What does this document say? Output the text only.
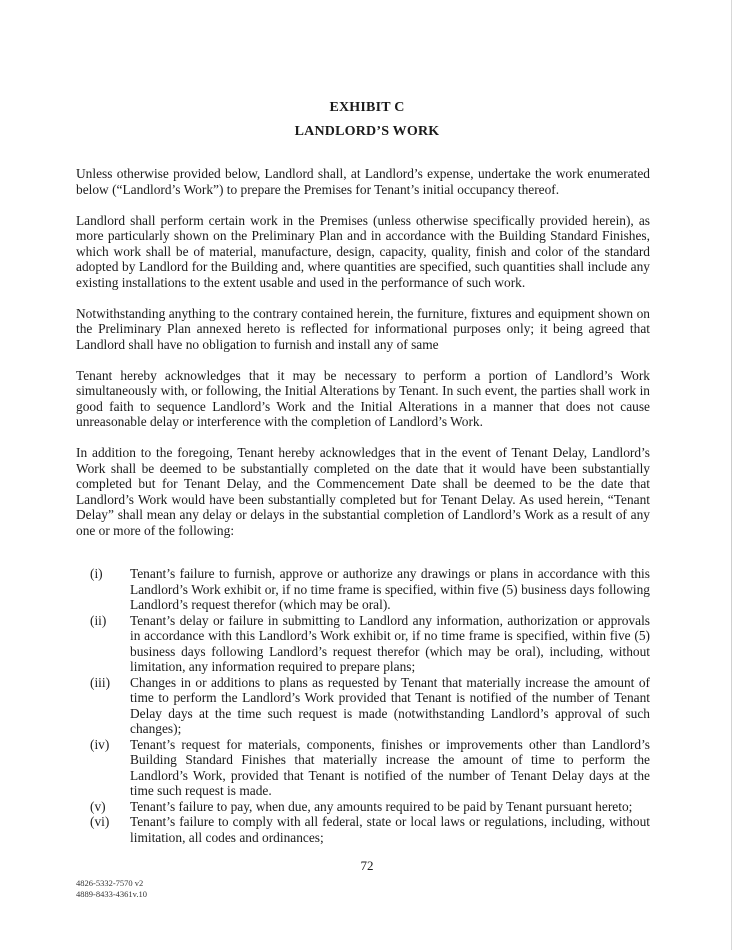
EXHIBIT C
LANDLORD’S WORK

Unless otherwise provided below, Landlord shall, at Landlord’s expense, undertake the work enumerated below (“Landlord’s Work”) to prepare the Premises for Tenant’s initial occupancy thereof.

Landlord shall perform certain work in the Premises (unless otherwise specifically provided herein), as more particularly shown on the Preliminary Plan and in accordance with the Building Standard Finishes, which work shall be of material, manufacture, design, capacity, quality, finish and color of the standard adopted by Landlord for the Building and, where quantities are specified, such quantities shall include any existing installations to the extent usable and used in the performance of such work.

Notwithstanding anything to the contrary contained herein, the furniture, fixtures and equipment shown on the Preliminary Plan annexed hereto is reflected for informational purposes only; it being agreed that Landlord shall have no obligation to furnish and install any of same

Tenant hereby acknowledges that it may be necessary to perform a portion of Landlord’s Work simultaneously with, or following, the Initial Alterations by Tenant. In such event, the parties shall work in good faith to sequence Landlord’s Work and the Initial Alterations in a manner that does not cause unreasonable delay or interference with the completion of Landlord’s Work.

In addition to the foregoing, Tenant hereby acknowledges that in the event of Tenant Delay, Landlord’s Work shall be deemed to be substantially completed on the date that it would have been substantially completed but for Tenant Delay, and the Commencement Date shall be deemed to be the date that Landlord’s Work would have been substantially completed but for Tenant Delay. As used herein, “Tenant Delay” shall mean any delay or delays in the substantial completion of Landlord’s Work as a result of any one or more of the following:

(i) Tenant’s failure to furnish, approve or authorize any drawings or plans in accordance with this Landlord’s Work exhibit or, if no time frame is specified, within five (5) business days following Landlord’s request therefor (which may be oral).
(ii) Tenant’s delay or failure in submitting to Landlord any information, authorization or approvals in accordance with this Landlord’s Work exhibit or, if no time frame is specified, within five (5) business days following Landlord’s request therefor (which may be oral), including, without limitation, any information required to prepare plans;
(iii) Changes in or additions to plans as requested by Tenant that materially increase the amount of time to perform the Landlord’s Work provided that Tenant is notified of the number of Tenant Delay days at the time such request is made (notwithstanding Landlord’s approval of such changes);
(iv) Tenant’s request for materials, components, finishes or improvements other than Landlord’s Building Standard Finishes that materially increase the amount of time to perform the Landlord’s Work, provided that Tenant is notified of the number of Tenant Delay days at the time such request is made.
(v) Tenant’s failure to pay, when due, any amounts required to be paid by Tenant pursuant hereto;
(vi) Tenant’s failure to comply with all federal, state or local laws or regulations, including, without limitation, all codes and ordinances;
72
4826-5332-7570 v2
4889-8433-4361v.10
